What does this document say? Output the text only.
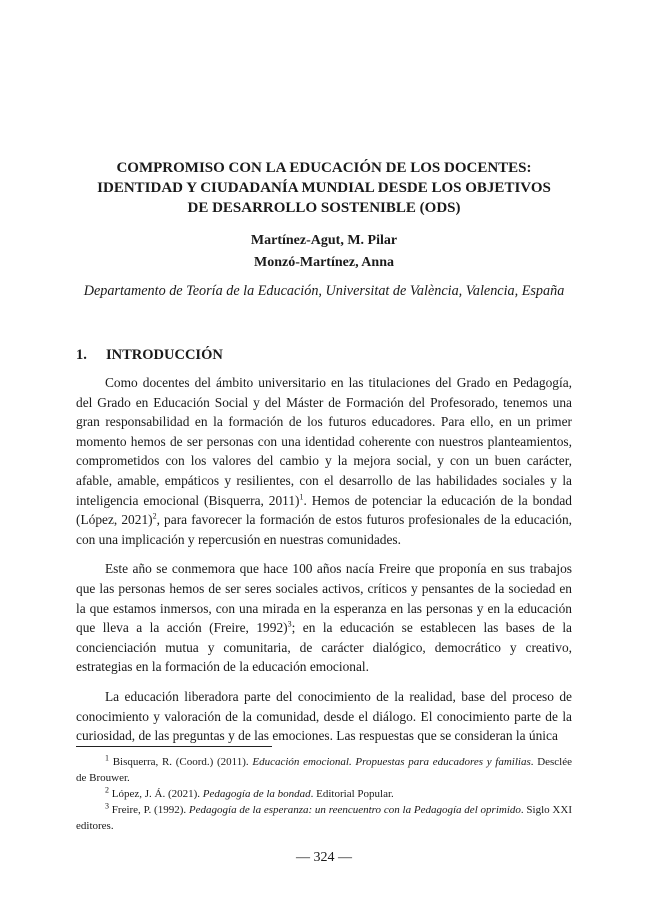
COMPROMISO CON LA EDUCACIÓN DE LOS DOCENTES:
IDENTIDAD Y CIUDADANÍA MUNDIAL DESDE LOS OBJETIVOS
DE DESARROLLO SOSTENIBLE (ODS)
Martínez-Agut, M. Pilar
Monzó-Martínez, Anna
Departamento de Teoría de la Educación, Universitat de València, Valencia, España
1. INTRODUCCIÓN

Como docentes del ámbito universitario en las titulaciones del Grado en Pedagogía, del Grado en Educación Social y del Máster de Formación del Profesorado, tenemos una gran responsabilidad en la formación de los futuros educadores. Para ello, en un primer momento hemos de ser personas con una identidad coherente con nuestros planteamientos, comprometidos con los valores del cambio y la mejora social, y con un buen carácter, afable, amable, empáticos y resilientes, con el desarrollo de las habilidades sociales y la inteligencia emocional (Bisquerra, 2011)$^1$. Hemos de potenciar la educación de la bondad (López, 2021)$^2$, para favorecer la formación de estos futuros profesionales de la educación, con una implicación y repercusión en nuestras comunidades.

Este año se conmemora que hace 100 años nacía Freire que proponía en sus trabajos que las personas hemos de ser seres sociales activos, críticos y pensantes de la sociedad en la que estamos inmersos, con una mirada en la esperanza en las personas y en la educación que lleva a la acción (Freire, 1992)$^3$; en la educación se establecen las bases de la concienciación mutua y comunitaria, de carácter dialógico, democrático y creativo, estrategias en la formación de la educación emocional.

La educación liberadora parte del conocimiento de la realidad, base del proceso de conocimiento y valoración de la comunidad, desde el diálogo. El conocimiento parte de la curiosidad, de las preguntas y de las emociones. Las respuestas que se consideran la única

$^1$ Bisquerra, R. (Coord.) (2011). Educación emocional. Propuestas para educadores y familias. Desclée de Brouwer.

$^2$ López, J. Á. (2021). Pedagogía de la bondad. Editorial Popular.

$^3$ Freire, P. (1992). Pedagogía de la esperanza: un reencuentro con la Pedagogía del oprimido. Siglo XXI editores.

— 324 —
